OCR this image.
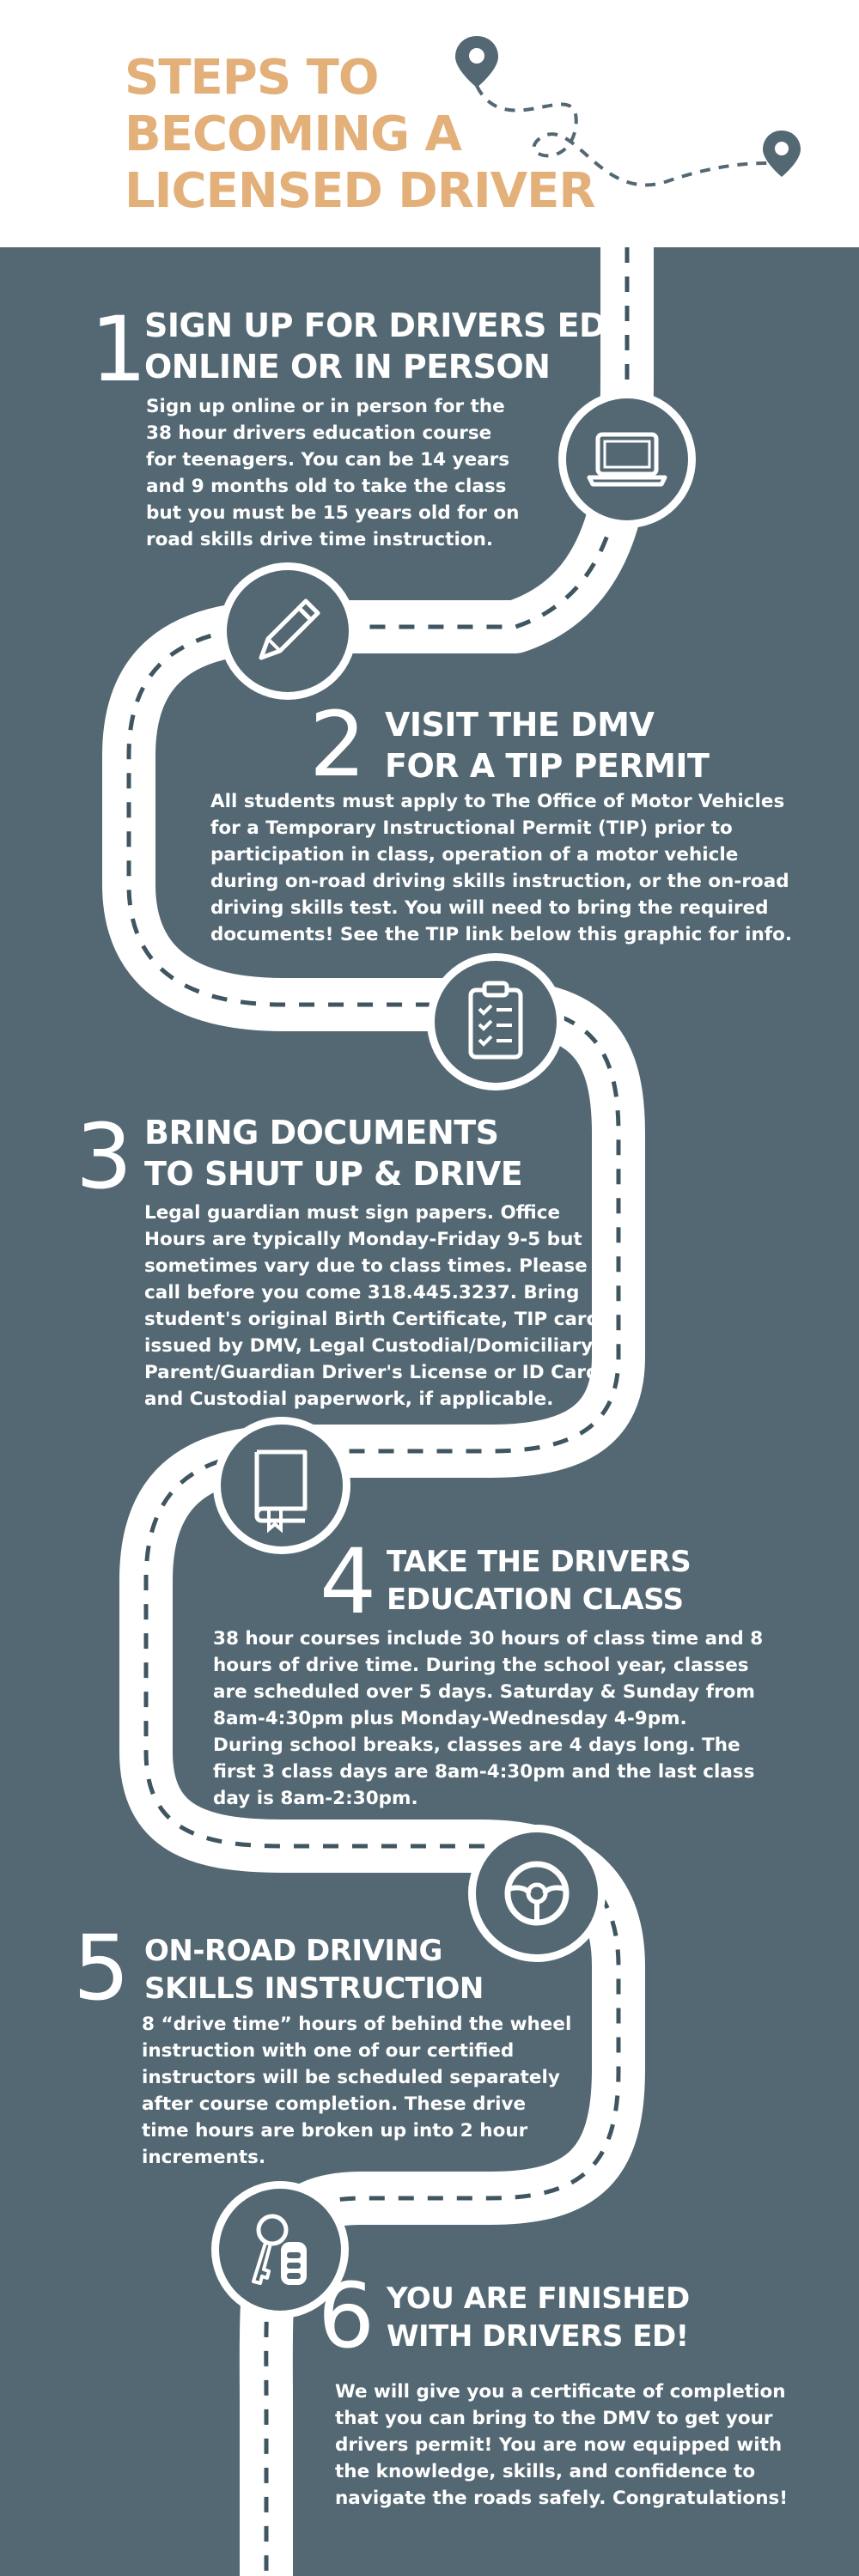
STEPS TO
BECOMING A
LICENSED DRIVER
1
SIGN UP FOR DRIVERS ED
ONLINE OR IN PERSON
Sign up online or in person for the
38 hour drivers education course
for teenagers. You can be 14 years
and 9 months old to take the class
but you must be 15 years old for on
road skills drive time instruction.
2 VISIT THE DMV
FOR A TIP PERMIT
All students must apply to The Office of Motor Vehicles
for a Temporary Instructional Permit (TIP) prior to
participation in class, operation of a motor vehicle
during on-road driving skills instruction, or the on-road
driving skills test. You will need to bring the required
documents! See the TIP link below this graphic for info.
3 BRING DOCUMENTS
TO SHUT UP & DRIVE
Legal guardian must sign papers. Office
Hours are typically Monday-Friday 9-5 but
sometimes vary due to class times. Please
call before you come 318.445.3237. Bring
student's original Birth Certificate, TIP card
issued by DMV, Legal Custodial/Domiciliary
Parent/Guardian Driver's License or ID Card,
and Custodial paperwork, if applicable.
4 TAKE THE DRIVERS
EDUCATION CLASS
38 hour courses include 30 hours of class time and 8
hours of drive time. During the school year, classes
are scheduled over 5 days. Saturday & Sunday from
8am-4:30pm plus Monday-Wednesday 4-9pm.
During school breaks, classes are 4 days long. The
first 3 class days are 8am-4:30pm and the last class
day is 8am-2:30pm.
5 ON-ROAD DRIVING
SKILLS INSTRUCTION
8 “drive time” hours of behind the wheel
instruction with one of our certified
instructors will be scheduled separately
after course completion. These drive
time hours are broken up into 2 hour
increments.
6 YOU ARE FINISHED
WITH DRIVERS ED!
We will give you a certificate of completion
that you can bring to the DMV to get your
drivers permit! You are now equipped with
the knowledge, skills, and confidence to
navigate the roads safely. Congratulations!
